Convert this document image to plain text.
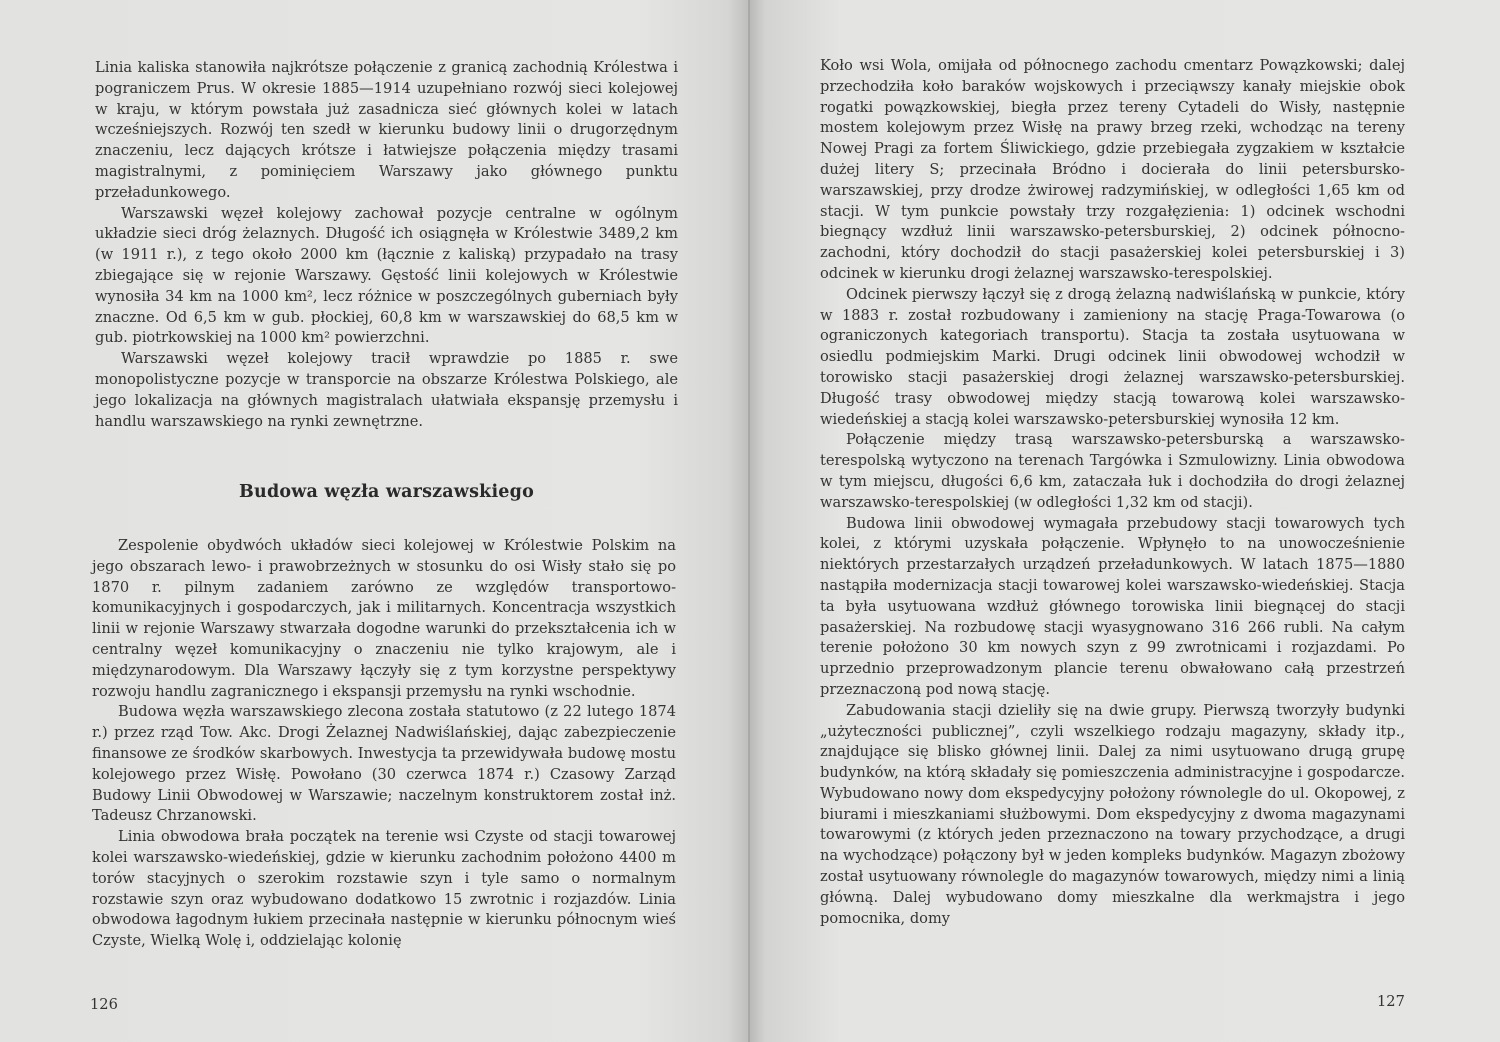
Linia kaliska stanowiła najkrótsze połączenie z granicą zachodnią Królestwa i pograniczem Prus. W okresie 1885—1914 uzupełniano rozwój sieci kolejowej w kraju, w którym powstała już zasadnicza sieć głównych kolei w latach wcześniejszych. Rozwój ten szedł w kierunku budowy linii o drugorzędnym znaczeniu, lecz dających krótsze i łatwiejsze połączenia między trasami magistralnymi, z pominięciem Warszawy jako głównego punktu przeładunkowego.

Warszawski węzeł kolejowy zachował pozycje centralne w ogólnym układzie sieci dróg żelaznych. Długość ich osiągnęła w Królestwie 3489,2 km (w 1911 r.), z tego około 2000 km (łącznie z kaliską) przypadało na trasy zbiegające się w rejonie Warszawy. Gęstość linii kolejowych w Królestwie wynosiła 34 km na 1000 km², lecz różnice w poszczególnych guberniach były znaczne. Od 6,5 km w gub. płockiej, 60,8 km w warszawskiej do 68,5 km w gub. piotrkowskiej na 1000 km² powierzchni.

Warszawski węzeł kolejowy tracił wprawdzie po 1885 r. swe monopolistyczne pozycje w transporcie na obszarze Królestwa Polskiego, ale jego lokalizacja na głównych magistralach ułatwiała ekspansję przemysłu i handlu warszawskiego na rynki zewnętrzne.

Budowa węzła warszawskiego

Zespolenie obydwóch układów sieci kolejowej w Królestwie Polskim na jego obszarach lewo- i prawobrzeżnych w stosunku do osi Wisły stało się po 1870 r. pilnym zadaniem zarówno ze względów transportowo-komunikacyjnych i gospodarczych, jak i militarnych. Koncentracja wszystkich linii w rejonie Warszawy stwarzała dogodne warunki do przekształcenia ich w centralny węzeł komunikacyjny o znaczeniu nie tylko krajowym, ale i międzynarodowym. Dla Warszawy łączyły się z tym korzystne perspektywy rozwoju handlu zagranicznego i ekspansji przemysłu na rynki wschodnie.

Budowa węzła warszawskiego zlecona została statutowo (z 22 lutego 1874 r.) przez rząd Tow. Akc. Drogi Żelaznej Nadwiślańskiej, dając zabezpieczenie finansowe ze środków skarbowych. Inwestycja ta przewidywała budowę mostu kolejowego przez Wisłę. Powołano (30 czerwca 1874 r.) Czasowy Zarząd Budowy Linii Obwodowej w Warszawie; naczelnym konstruktorem został inż. Tadeusz Chrzanowski.

Linia obwodowa brała początek na terenie wsi Czyste od stacji towarowej kolei warszawsko-wiedeńskiej, gdzie w kierunku zachodnim położono 4400 m torów stacyjnych o szerokim rozstawie szyn i tyle samo o normalnym rozstawie szyn oraz wybudowano dodatkowo 15 zwrotnic i rozjazdów. Linia obwodowa łagodnym łukiem przecinała następnie w kierunku północnym wieś Czyste, Wielką Wolę i, oddzielając kolonię

126

Koło wsi Wola, omijała od północnego zachodu cmentarz Powązkowski; dalej przechodziła koło baraków wojskowych i przeciąwszy kanały miejskie obok rogatki powązkowskiej, biegła przez tereny Cytadeli do Wisły, następnie mostem kolejowym przez Wisłę na prawy brzeg rzeki, wchodząc na tereny Nowej Pragi za fortem Śliwickiego, gdzie przebiegała zygzakiem w kształcie dużej litery S; przecinała Bródno i docierała do linii petersbursko-warszawskiej, przy drodze żwirowej radzymińskiej, w odległości 1,65 km od stacji. W tym punkcie powstały trzy rozgałęzienia: 1) odcinek wschodni biegnący wzdłuż linii warszawsko-petersburskiej, 2) odcinek północno-zachodni, który dochodził do stacji pasażerskiej kolei petersburskiej i 3) odcinek w kierunku drogi żelaznej warszawsko-terespolskiej.

Odcinek pierwszy łączył się z drogą żelazną nadwiślańską w punkcie, który w 1883 r. został rozbudowany i zamieniony na stację Praga-Towarowa (o ograniczonych kategoriach transportu). Stacja ta została usytuowana w osiedlu podmiejskim Marki. Drugi odcinek linii obwodowej wchodził w torowisko stacji pasażerskiej drogi żelaznej warszawsko-petersburskiej. Długość trasy obwodowej między stacją towarową kolei warszawsko-wiedeńskiej a stacją kolei warszawsko-petersburskiej wynosiła 12 km.

Połączenie między trasą warszawsko-petersburską a warszawsko-terespolską wytyczono na terenach Targówka i Szmulowizny. Linia obwodowa w tym miejscu, długości 6,6 km, zataczała łuk i dochodziła do drogi żelaznej warszawsko-terespolskiej (w odległości 1,32 km od stacji).

Budowa linii obwodowej wymagała przebudowy stacji towarowych tych kolei, z którymi uzyskała połączenie. Wpłynęło to na unowocześnienie niektórych przestarzałych urządzeń przeładunkowych. W latach 1875—1880 nastąpiła modernizacja stacji towarowej kolei warszawsko-wiedeńskiej. Stacja ta była usytuowana wzdłuż głównego torowiska linii biegnącej do stacji pasażerskiej. Na rozbudowę stacji wyasygnowano 316 266 rubli. Na całym terenie położono 30 km nowych szyn z 99 zwrotnicami i rozjazdami. Po uprzednio przeprowadzonym plancie terenu obwałowano całą przestrzeń przeznaczoną pod nową stację.

Zabudowania stacji dzieliły się na dwie grupy. Pierwszą tworzyły budynki „użyteczności publicznej”, czyli wszelkiego rodzaju magazyny, składy itp., znajdujące się blisko głównej linii. Dalej za nimi usytuowano drugą grupę budynków, na którą składały się pomieszczenia administracyjne i gospodarcze. Wybudowano nowy dom ekspedycyjny położony równolegle do ul. Okopowej, z biurami i mieszkaniami służbowymi. Dom ekspedycyjny z dwoma magazynami towarowymi (z których jeden przeznaczono na towary przychodzące, a drugi na wychodzące) połączony był w jeden kompleks budynków. Magazyn zbożowy został usytuowany równolegle do magazynów towarowych, między nimi a linią główną. Dalej wybudowano domy mieszkalne dla werkmajstra i jego pomocnika, domy

127
